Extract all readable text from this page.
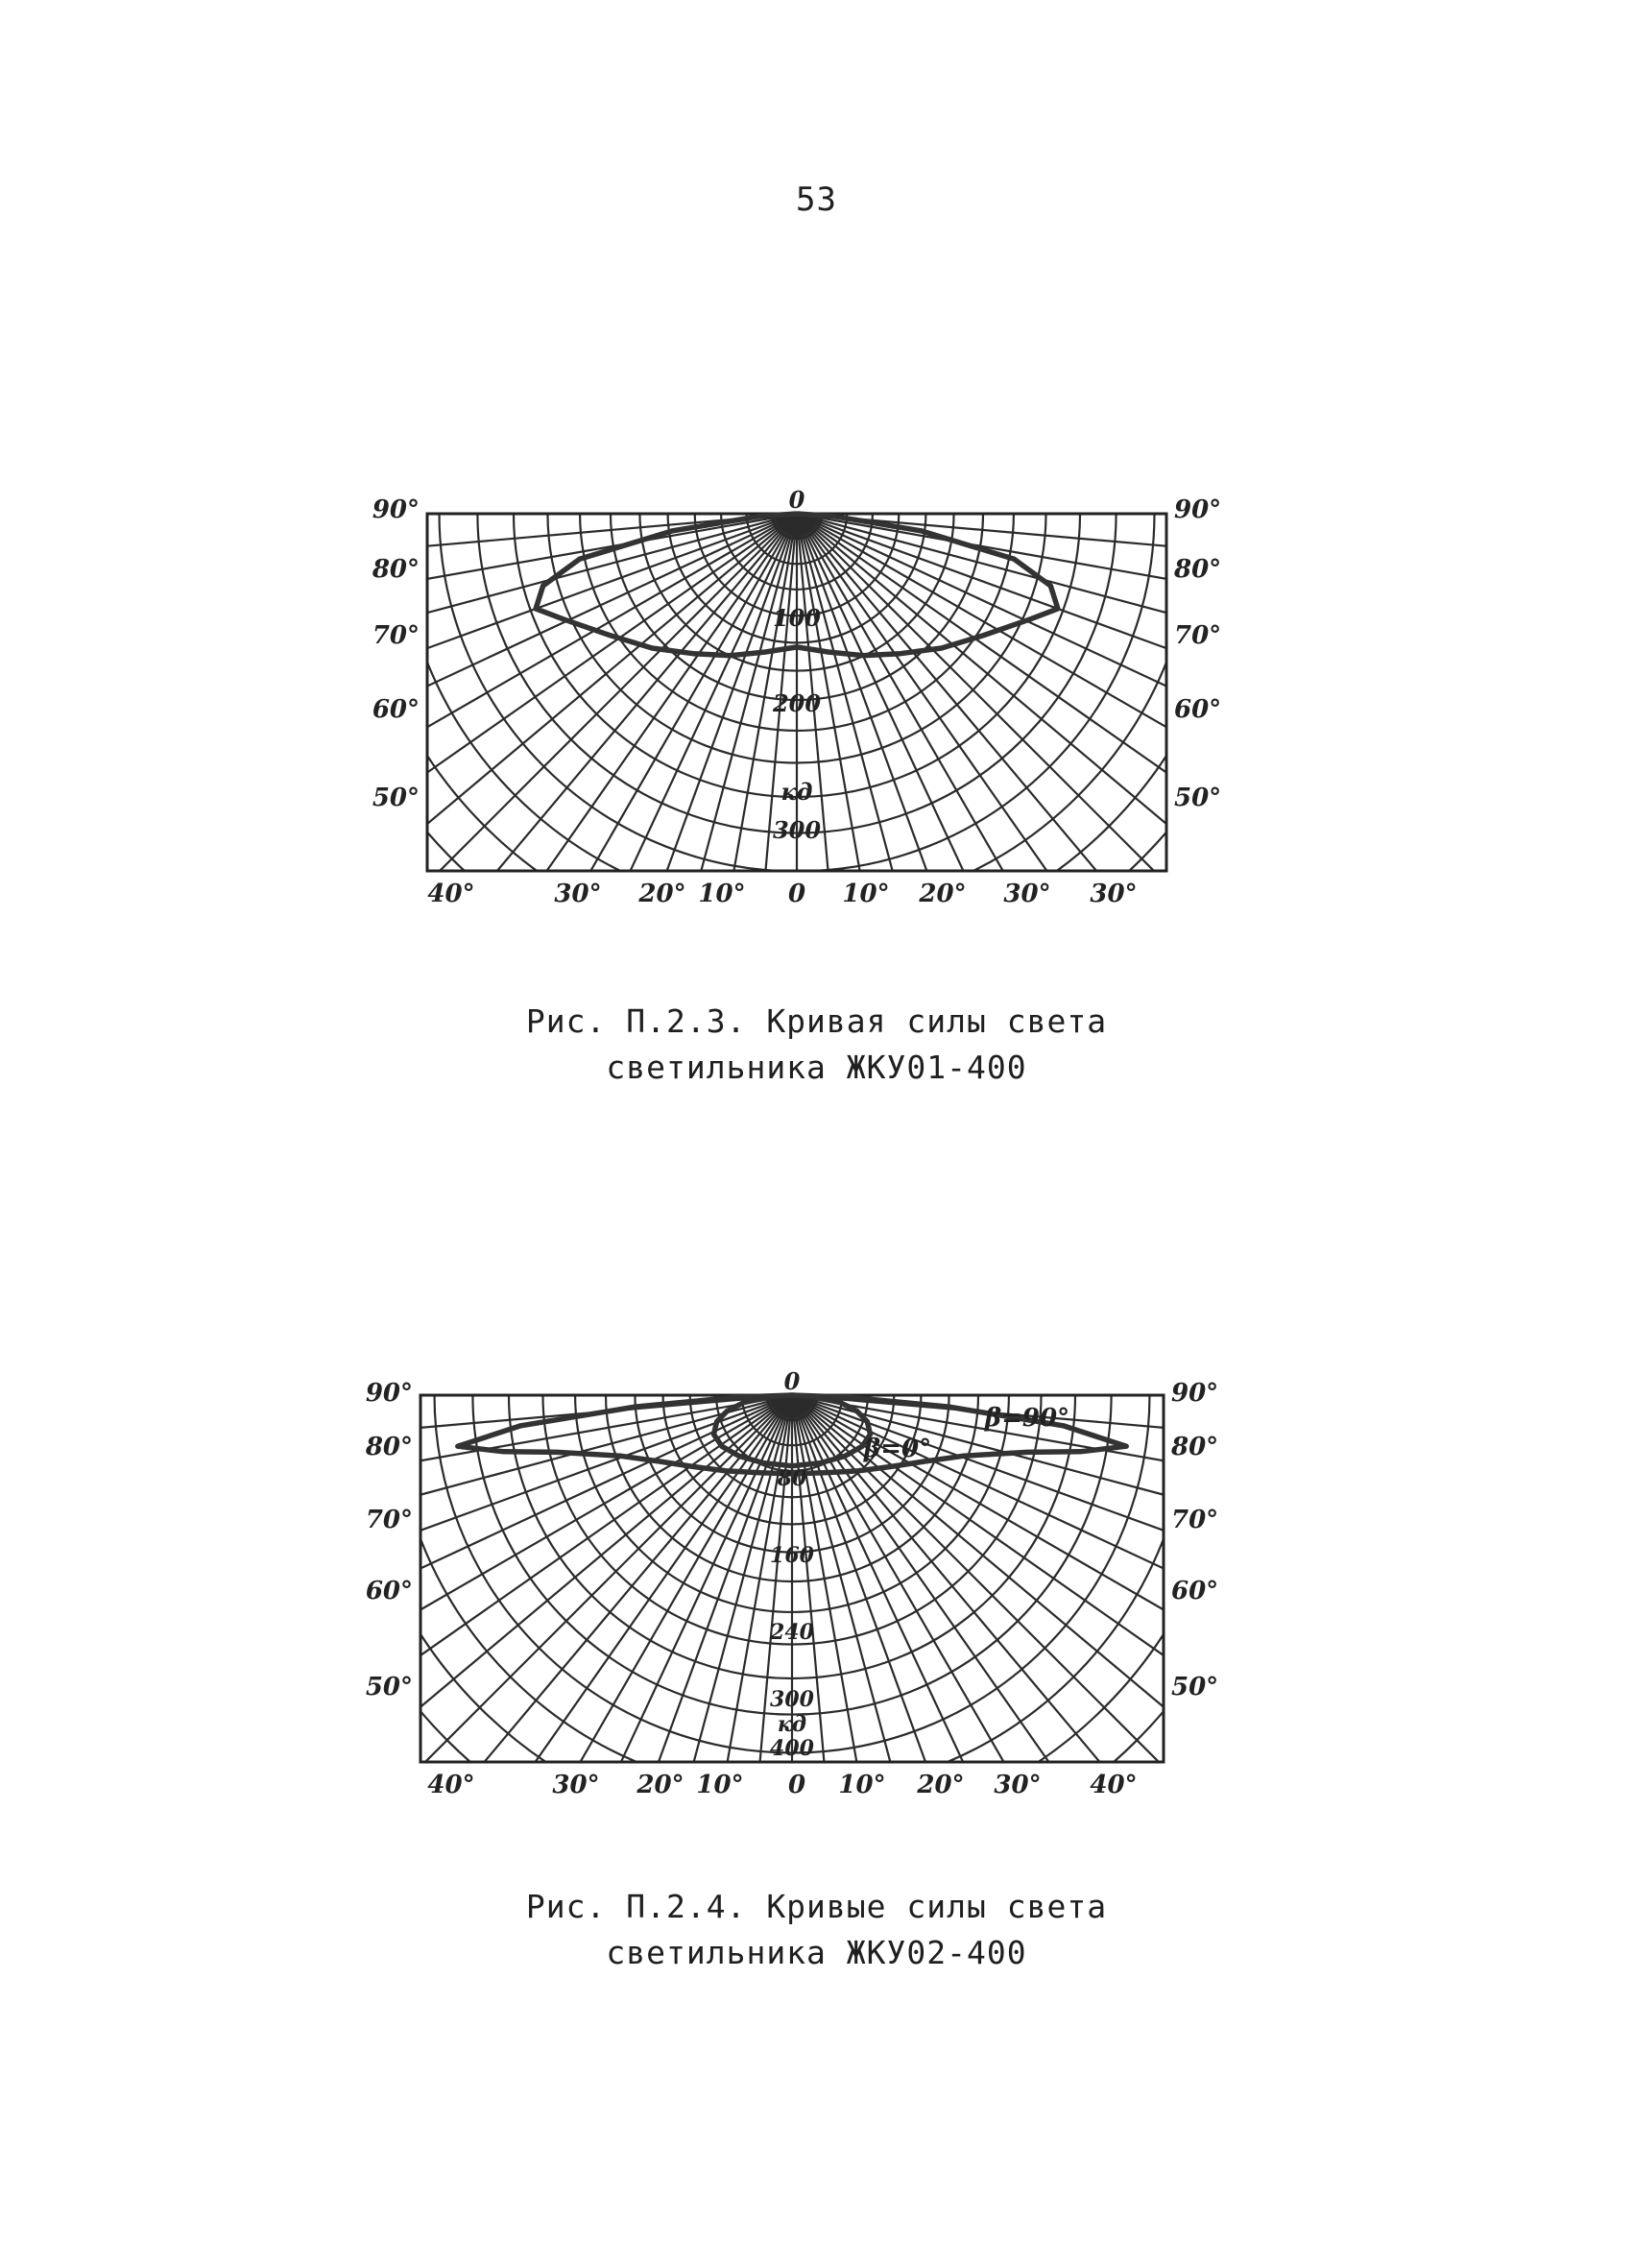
53
100
200
кд
300
0
90°
80°
70°
60°
50°
90°
80°
70°
60°
50°
40°	30° 20° 10° 0 10° 20° 30° 30°
Рис. П.2.3. Кривая силы света
светильника ЖКУ01-400
80
160
240
300
кд
400
0
90°
80°
70°
60°
50°
90°
80°
70°
60°
50°
40°	30° 20° 10° 0 10° 20° 30° 40°
β=90°
β=0°
Рис. П.2.4. Кривые силы света
светильника ЖКУ02-400
